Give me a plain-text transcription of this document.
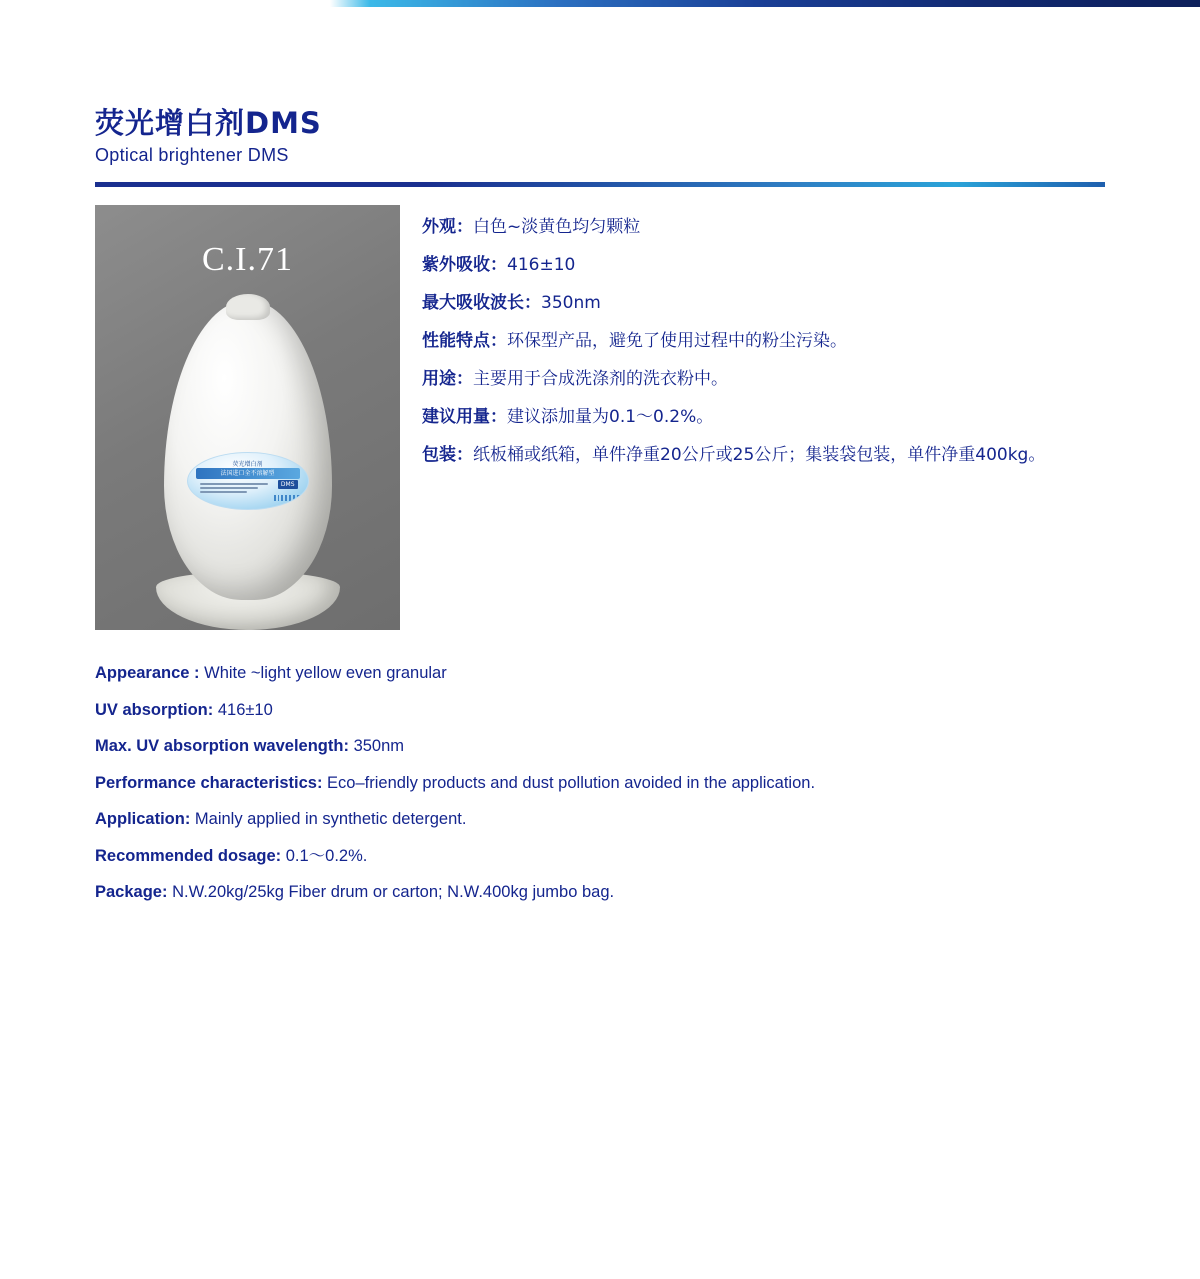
荧光增白剂DMS

Optical brightener DMS

C.I.71
荧光增白剂
法国进口全不溶解型
DMS
外观：白色~淡黄色均匀颗粒
紫外吸收：416±10
最大吸收波长：350nm
性能特点：环保型产品，避免了使用过程中的粉尘污染。
用途：主要用于合成洗涤剂的洗衣粉中。
建议用量：建议添加量为0.1～0.2%。
包装：纸板桶或纸箱，单件净重20公斤或25公斤；集装袋包装，单件净重400kg。
Appearance : White ~light yellow even granular
UV absorption: 416±10
Max. UV absorption wavelength: 350nm
Performance characteristics: Eco–friendly products and dust pollution avoided in the application.
Application: Mainly applied in synthetic detergent.
Recommended dosage: 0.1～0.2%.
Package: N.W.20kg/25kg Fiber drum or carton; N.W.400kg jumbo bag.
